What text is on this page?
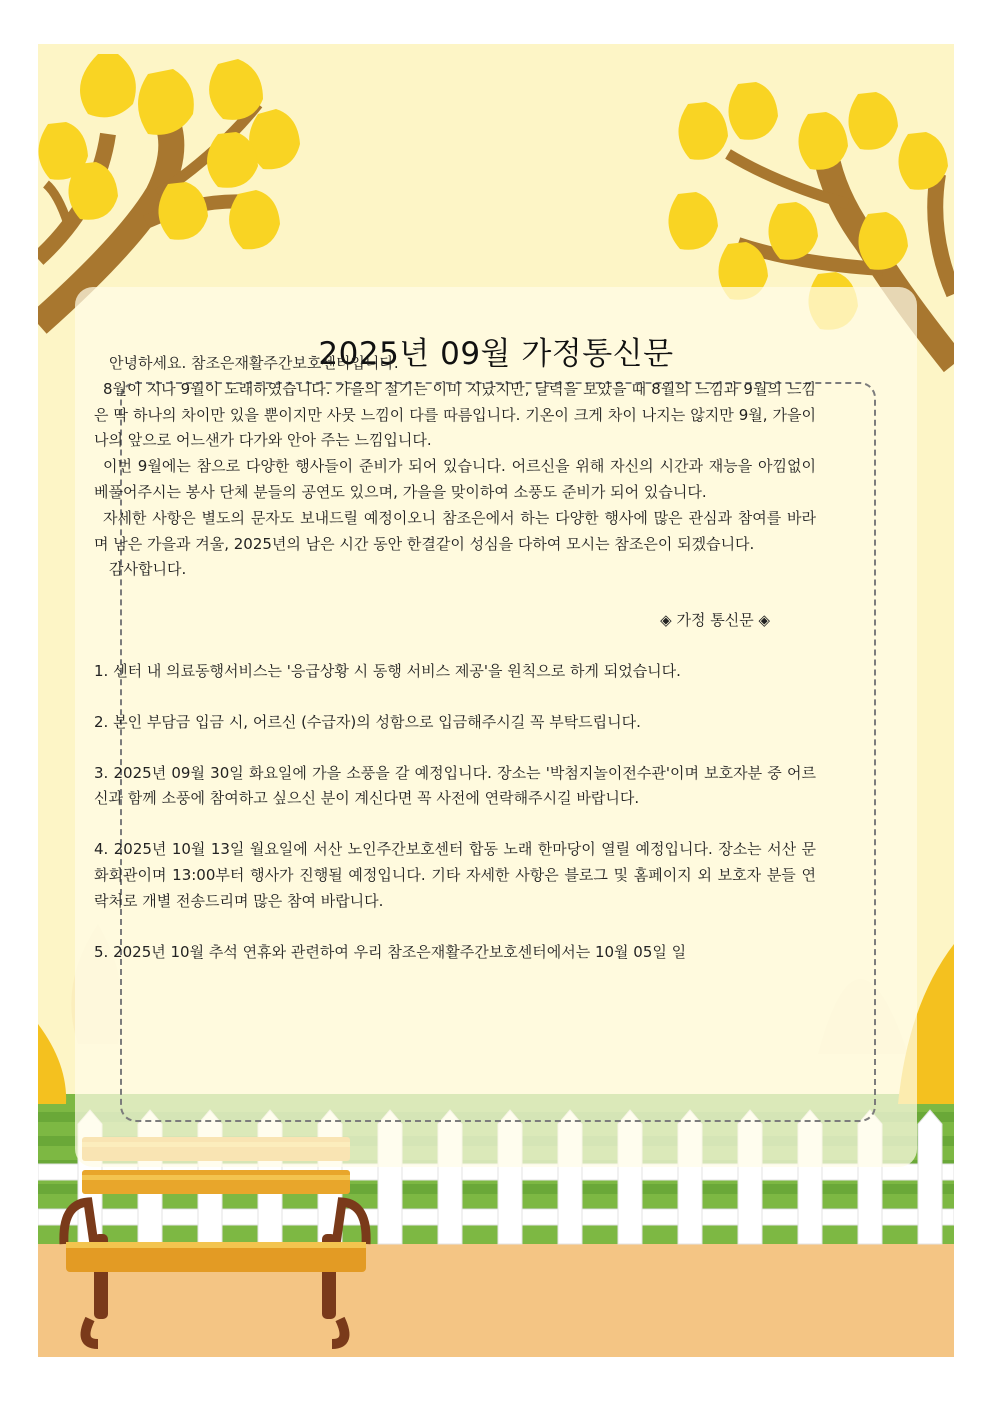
2025년 09월 가정통신문

안녕하세요. 참조은재활주간보호센터입니다.

8월이 지나 9월이 도래하였습니다. 가을의 절기는 이미 지났지만, 달력을 보았을 때 8월의 느낌과 9월의 느낌은 딱 하나의 차이만 있을 뿐이지만 사뭇 느낌이 다를 따름입니다. 기온이 크게 차이 나지는 않지만 9월, 가을이 나의 앞으로 어느샌가 다가와 안아 주는 느낌입니다.

이번 9월에는 참으로 다양한 행사들이 준비가 되어 있습니다. 어르신을 위해 자신의 시간과 재능을 아낌없이 베풀어주시는 봉사 단체 분들의 공연도 있으며, 가을을 맞이하여 소풍도 준비가 되어 있습니다.

자세한 사항은 별도의 문자도 보내드릴 예정이오니 참조은에서 하는 다양한 행사에 많은 관심과 참여를 바라며 남은 가을과 겨울, 2025년의 남은 시간 동안 한결같이 성심을 다하여 모시는 참조은이 되겠습니다.

감사합니다.

◈ 가정 통신문 ◈

1. 센터 내 의료동행서비스는 '응급상황 시 동행 서비스 제공'을 원칙으로 하게 되었습니다.

2. 본인 부담금 입금 시, 어르신 (수급자)의 성함으로 입금해주시길 꼭 부탁드립니다.

3. 2025년 09월 30일 화요일에 가을 소풍을 갈 예정입니다. 장소는 '박첨지놀이전수관'이며 보호자분 중 어르신과 함께 소풍에 참여하고 싶으신 분이 계신다면 꼭 사전에 연락해주시길 바랍니다.

4. 2025년 10월 13일 월요일에 서산 노인주간보호센터 합동 노래 한마당이 열릴 예정입니다. 장소는 서산 문화회관이며 13:00부터 행사가 진행될 예정입니다. 기타 자세한 사항은 블로그 및 홈페이지 외 보호자 분들 연락처로 개별 전송드리며 많은 참여 바랍니다.

5. 2025년 10월 추석 연휴와 관련하여 우리 참조은재활주간보호센터에서는 10월 05일 일
